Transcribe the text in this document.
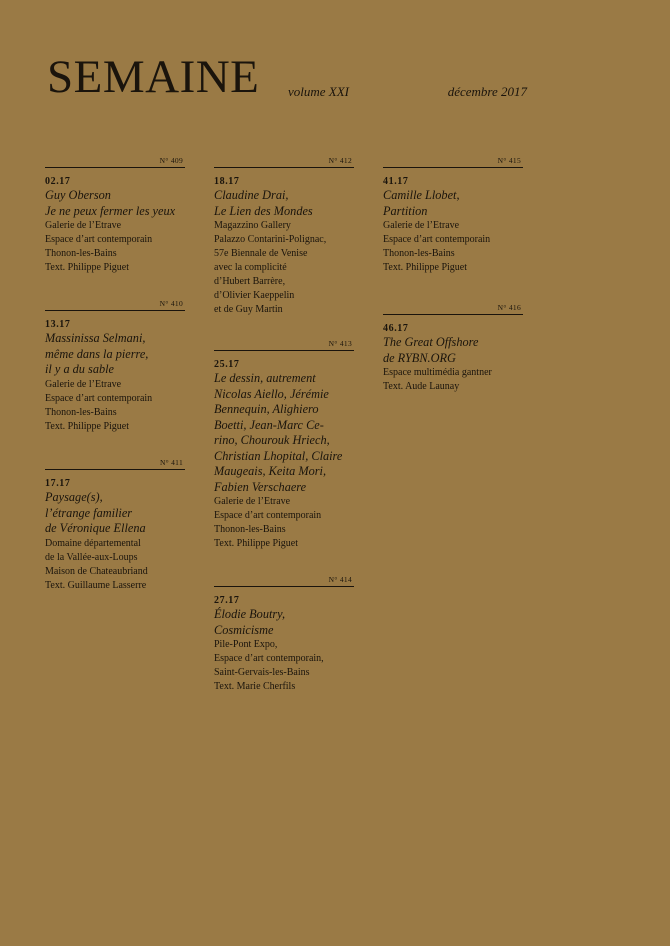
SEMAINE volume XXI	décembre 2017
N° 409
02.17
Guy Oberson
Je ne peux fermer les yeux
Galerie de l’Etrave
Espace d’art contemporain
Thonon-les-Bains
Text. Philippe Piguet
N° 410
13.17
Massinissa Selmani,
même dans la pierre,
il y a du sable
Galerie de l’Etrave
Espace d’art contemporain
Thonon-les-Bains
Text. Philippe Piguet
N° 411
17.17
Paysage(s),
l’étrange familier
de Véronique Ellena
Domaine départemental
de la Vallée-aux-Loups
Maison de Chateaubriand
Text. Guillaume Lasserre
N° 412
18.17
Claudine Drai,
Le Lien des Mondes
Magazzino Gallery
Palazzo Contarini-Polignac,
57e Biennale de Venise
avec la complicité
d’Hubert Barrère,
d’Olivier Kaeppelin
et de Guy Martin
N° 413
25.17
Le dessin, autrement
Nicolas Aiello, Jérémie
Bennequin, Alighiero
Boetti, Jean-Marc Ce-
rino, Chourouk Hriech,
Christian Lhopital, Claire
Maugeais, Keita Mori,
Fabien Verschaere
Galerie de l’Etrave
Espace d’art contemporain
Thonon-les-Bains
Text. Philippe Piguet
N° 414
27.17
Élodie Boutry,
Cosmicisme
Pile-Pont Expo,
Espace d’art contemporain,
Saint-Gervais-les-Bains
Text. Marie Cherfils
N° 415
41.17
Camille Llobet,
Partition
Galerie de l’Etrave
Espace d’art contemporain
Thonon-les-Bains
Text. Philippe Piguet
N° 416
46.17
The Great Offshore
de RYBN.ORG
Espace multimédia gantner
Text. Aude Launay
